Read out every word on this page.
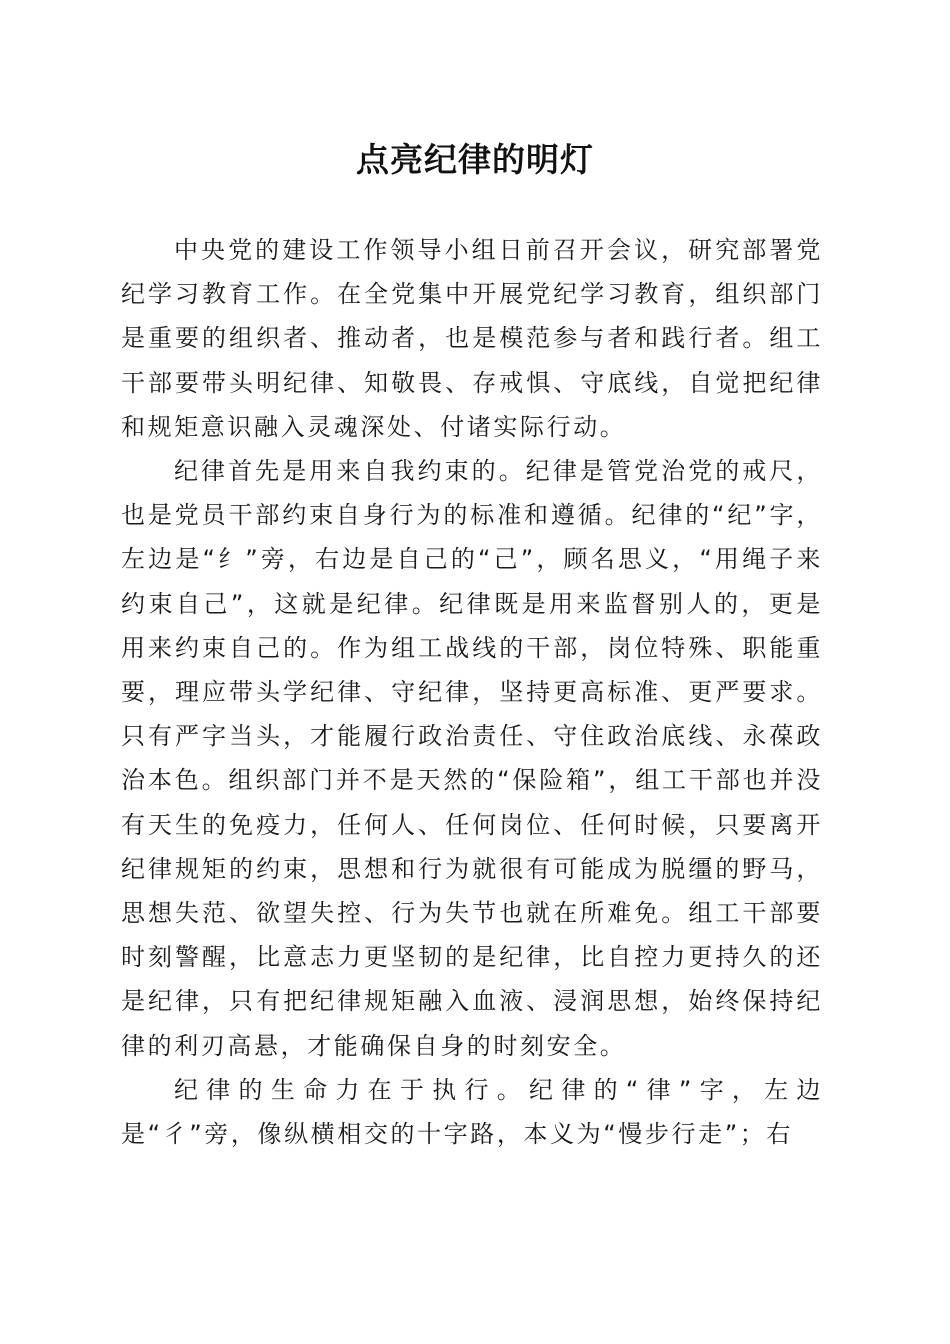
点亮纪律的明灯

中央党的建设工作领导小组日前召开会议，研究部署党纪学习教育工作。在全党集中开展党纪学习教育，组织部门是重要的组织者、推动者，也是模范参与者和践行者。组工干部要带头明纪律、知敬畏、存戒惧、守底线，自觉把纪律和规矩意识融入灵魂深处、付诸实际行动。

纪律首先是用来自我约束的。纪律是管党治党的戒尺，也是党员干部约束自身行为的标准和遵循。纪律的“纪”字，左边是“纟”旁，右边是自己的“己”，顾名思义，“用绳子来约束自己”，这就是纪律。纪律既是用来监督别人的，更是用来约束自己的。作为组工战线的干部，岗位特殊、职能重要，理应带头学纪律、守纪律，坚持更高标准、更严要求。只有严字当头，才能履行政治责任、守住政治底线、永葆政治本色。组织部门并不是天然的“保险箱”，组工干部也并没有天生的免疫力，任何人、任何岗位、任何时候，只要离开纪律规矩的约束，思想和行为就很有可能成为脱缰的野马，思想失范、欲望失控、行为失节也就在所难免。组工干部要时刻警醒，比意志力更坚韧的是纪律，比自控力更持久的还是纪律，只有把纪律规矩融入血液、浸润思想，始终保持纪律的利刃高悬，才能确保自身的时刻安全。

纪律的生命力在于执行。纪律的“律”字，左边是“彳”旁，像纵横相交的十字路，本义为“慢步行走”；右
